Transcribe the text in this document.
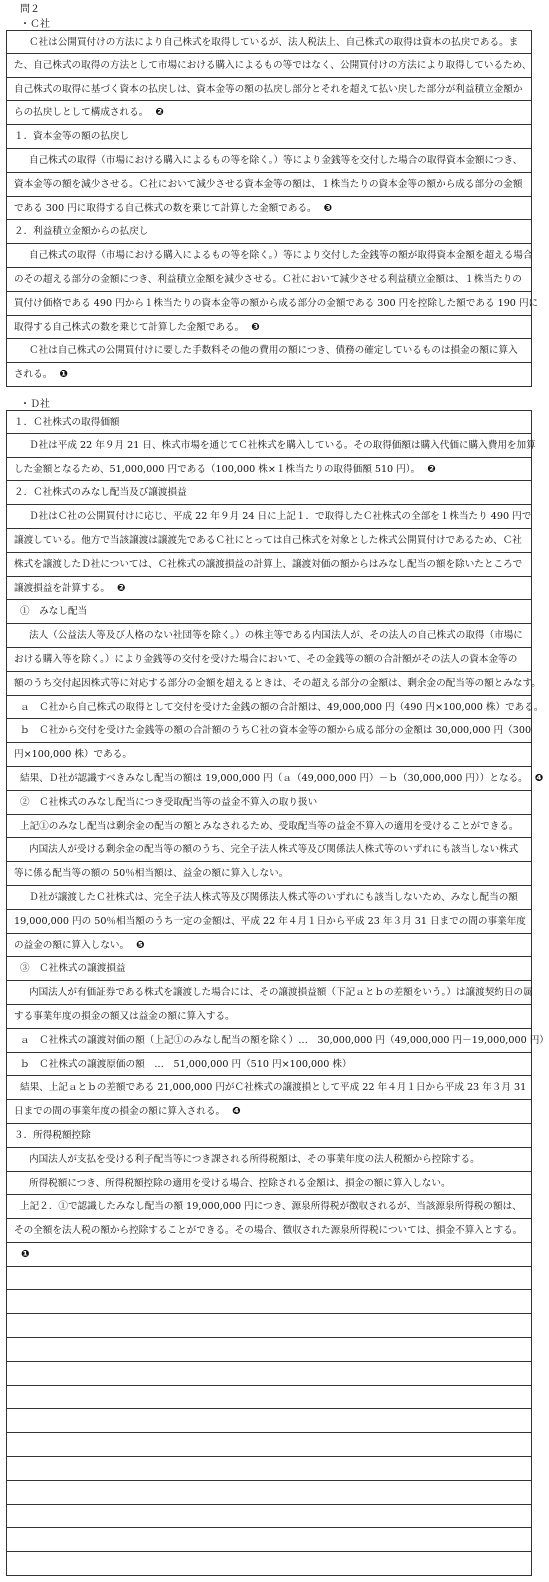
問２
・Ｃ社
Ｃ社は公開買付けの方法により自己株式を取得しているが、法人税法上、自己株式の取得は資本の払戻である。ま
た、自己株式の取得の方法として市場における購入によるもの等ではなく、公開買付けの方法により取得しているため、
自己株式の取得に基づく資本の払戻しは、資本金等の額の払戻し部分とそれを超えて払い戻した部分が利益積立金額か
らの払戻しとして構成される。 ❷
１．資本金等の額の払戻し
自己株式の取得（市場における購入によるもの等を除く。）等により金銭等を交付した場合の取得資本金額につき、
資本金等の額を減少させる。Ｃ社において減少させる資本金等の額は、１株当たりの資本金等の額から成る部分の金額
である 300 円に取得する自己株式の数を乗じて計算した金額である。 ❸
２．利益積立金額からの払戻し
自己株式の取得（市場における購入によるもの等を除く。）等により交付した金銭等の額が取得資本金額を超える場合
のその超える部分の金額につき、利益積立金額を減少させる。Ｃ社において減少させる利益積立金額は、１株当たりの
買付け価格である 490 円から１株当たりの資本金等の額から成る部分の金額である 300 円を控除した額である 190 円に
取得する自己株式の数を乗じて計算した金額である。 ❸
Ｃ社は自己株式の公開買付けに要した手数料その他の費用の額につき、債務の確定しているものは損金の額に算入
される。 ❶
・Ｄ社
１．Ｃ社株式の取得価額
Ｄ社は平成 22 年９月 21 日、株式市場を通じてＣ社株式を購入している。その取得価額は購入代価に購入費用を加算
した金額となるため、51,000,000 円である（100,000 株×１株当たりの取得価額 510 円）。 ❷
２．Ｃ社株式のみなし配当及び譲渡損益
Ｄ社はＣ社の公開買付けに応じ、平成 22 年９月 24 日に上記１．で取得したＣ社株式の全部を１株当たり 490 円で
譲渡している。他方で当該譲渡は譲渡先であるＣ社にとっては自己株式を対象とした株式公開買付けであるため、Ｃ社
株式を譲渡したＤ社については、Ｃ社株式の譲渡損益の計算上、譲渡対価の額からはみなし配当の額を除いたところで
譲渡損益を計算する。 ❷
①　みなし配当
法人（公益法人等及び人格のない社団等を除く。）の株主等である内国法人が、その法人の自己株式の取得（市場に
おける購入等を除く。）により金銭等の交付を受けた場合において、その金銭等の額の合計額がその法人の資本金等の
額のうち交付起因株式等に対応する部分の金額を超えるときは、その超える部分の金額は、剰余金の配当等の額とみなす。
ａ　Ｃ社から自己株式の取得として交付を受けた金銭の額の合計額は、49,000,000 円（490 円×100,000 株）である。
ｂ　Ｃ社から交付を受けた金銭等の額の合計額のうちＣ社の資本金等の額から成る部分の金額は 30,000,000 円（300
円×100,000 株）である。
結果、Ｄ社が認識すべきみなし配当の額は 19,000,000 円（ａ（49,000,000 円）－ｂ（30,000,000 円））となる。 ❹
②　Ｃ社株式のみなし配当につき受取配当等の益金不算入の取り扱い
上記①のみなし配当は剰余金の配当の額とみなされるため、受取配当等の益金不算入の適用を受けることができる。
内国法人が受ける剰余金の配当等の額のうち、完全子法人株式等及び関係法人株式等のいずれにも該当しない株式
等に係る配当等の額の 50％相当額は、益金の額に算入しない。
Ｄ社が譲渡したＣ社株式は、完全子法人株式等及び関係法人株式等のいずれにも該当しないため、みなし配当の額
19,000,000 円の 50％相当額のうち一定の金額は、平成 22 年４月１日から平成 23 年３月 31 日までの間の事業年度
の益金の額に算入しない。 ❺
③　Ｃ社株式の譲渡損益
内国法人が有価証券である株式を譲渡した場合には、その譲渡損益額（下記ａとｂの差額をいう。）は譲渡契約日の属
する事業年度の損金の額又は益金の額に算入する。
ａ　Ｃ社株式の譲渡対価の額（上記①のみなし配当の額を除く）…　30,000,000 円（49,000,000 円－19,000,000 円）
ｂ　Ｃ社株式の譲渡原価の額　…　51,000,000 円（510 円×100,000 株）
結果、上記ａとｂの差額である 21,000,000 円がＣ社株式の譲渡損として平成 22 年４月１日から平成 23 年３月 31
日までの間の事業年度の損金の額に算入される。 ❹
３．所得税額控除
内国法人が支払を受ける利子配当等につき課される所得税額は、その事業年度の法人税額から控除する。
所得税額につき、所得税額控除の適用を受ける場合、控除される金額は、損金の額に算入しない。
上記２．①で認識したみなし配当の額 19,000,000 円につき、源泉所得税が徴収されるが、当該源泉所得税の額は、
その全額を法人税の額から控除することができる。その場合、徴収された源泉所得税については、損金不算入とする。
❶
